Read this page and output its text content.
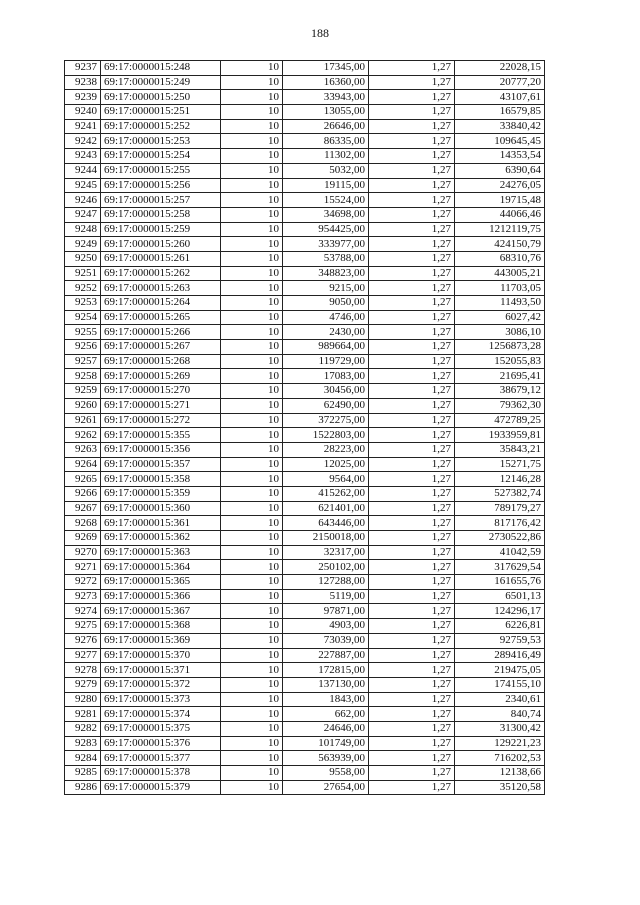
188
9237	69:17:0000015:248	10	17345,00	1,27	22028,15
9238	69:17:0000015:249	10	16360,00	1,27	20777,20
9239	69:17:0000015:250	10	33943,00	1,27	43107,61
9240	69:17:0000015:251	10	13055,00	1,27	16579,85
9241	69:17:0000015:252	10	26646,00	1,27	33840,42
9242	69:17:0000015:253	10	86335,00	1,27	109645,45
9243	69:17:0000015:254	10	11302,00	1,27	14353,54
9244	69:17:0000015:255	10	5032,00	1,27	6390,64
9245	69:17:0000015:256	10	19115,00	1,27	24276,05
9246	69:17:0000015:257	10	15524,00	1,27	19715,48
9247	69:17:0000015:258	10	34698,00	1,27	44066,46
9248	69:17:0000015:259	10	954425,00	1,27	1212119,75
9249	69:17:0000015:260	10	333977,00	1,27	424150,79
9250	69:17:0000015:261	10	53788,00	1,27	68310,76
9251	69:17:0000015:262	10	348823,00	1,27	443005,21
9252	69:17:0000015:263	10	9215,00	1,27	11703,05
9253	69:17:0000015:264	10	9050,00	1,27	11493,50
9254	69:17:0000015:265	10	4746,00	1,27	6027,42
9255	69:17:0000015:266	10	2430,00	1,27	3086,10
9256	69:17:0000015:267	10	989664,00	1,27	1256873,28
9257	69:17:0000015:268	10	119729,00	1,27	152055,83
9258	69:17:0000015:269	10	17083,00	1,27	21695,41
9259	69:17:0000015:270	10	30456,00	1,27	38679,12
9260	69:17:0000015:271	10	62490,00	1,27	79362,30
9261	69:17:0000015:272	10	372275,00	1,27	472789,25
9262	69:17:0000015:355	10	1522803,00	1,27	1933959,81
9263	69:17:0000015:356	10	28223,00	1,27	35843,21
9264	69:17:0000015:357	10	12025,00	1,27	15271,75
9265	69:17:0000015:358	10	9564,00	1,27	12146,28
9266	69:17:0000015:359	10	415262,00	1,27	527382,74
9267	69:17:0000015:360	10	621401,00	1,27	789179,27
9268	69:17:0000015:361	10	643446,00	1,27	817176,42
9269	69:17:0000015:362	10	2150018,00	1,27	2730522,86
9270	69:17:0000015:363	10	32317,00	1,27	41042,59
9271	69:17:0000015:364	10	250102,00	1,27	317629,54
9272	69:17:0000015:365	10	127288,00	1,27	161655,76
9273	69:17:0000015:366	10	5119,00	1,27	6501,13
9274	69:17:0000015:367	10	97871,00	1,27	124296,17
9275	69:17:0000015:368	10	4903,00	1,27	6226,81
9276	69:17:0000015:369	10	73039,00	1,27	92759,53
9277	69:17:0000015:370	10	227887,00	1,27	289416,49
9278	69:17:0000015:371	10	172815,00	1,27	219475,05
9279	69:17:0000015:372	10	137130,00	1,27	174155,10
9280	69:17:0000015:373	10	1843,00	1,27	2340,61
9281	69:17:0000015:374	10	662,00	1,27	840,74
9282	69:17:0000015:375	10	24646,00	1,27	31300,42
9283	69:17:0000015:376	10	101749,00	1,27	129221,23
9284	69:17:0000015:377	10	563939,00	1,27	716202,53
9285	69:17:0000015:378	10	9558,00	1,27	12138,66
9286	69:17:0000015:379	10	27654,00	1,27	35120,58
